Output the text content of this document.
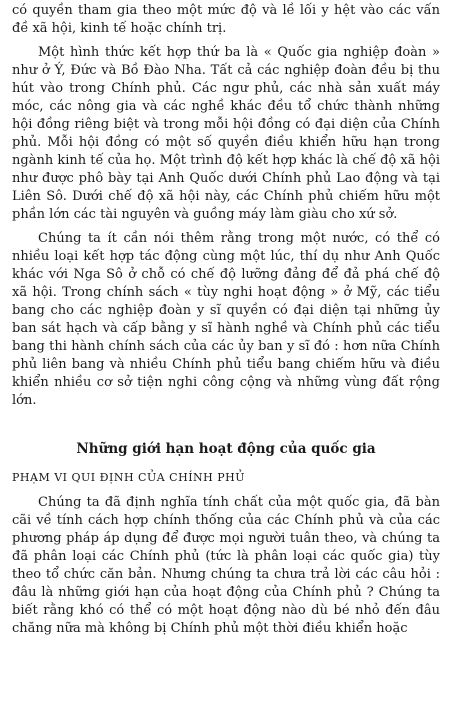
có quyền tham gia theo một mức độ và lề lối y hệt vào các vấn đề xã hội, kinh tế hoặc chính trị.

Một hình thức kết hợp thứ ba là « Quốc gia nghiệp đoàn » như ở Ý, Đức và Bồ Đào Nha. Tất cả các nghiệp đoàn đều bị thu hút vào trong Chính phủ. Các ngư phủ, các nhà sản xuất máy móc, các nông gia và các nghề khác đều tổ chức thành những hội đồng riêng biệt và trong mỗi hội đồng có đại diện của Chính phủ. Mỗi hội đồng có một số quyền điều khiển hữu hạn trong ngành kinh tế của họ. Một trình độ kết hợp khác là chế độ xã hội như được phô bày tại Anh Quốc dưới Chính phủ Lao động và tại Liên Sô. Dưới chế độ xã hội này, các Chính phủ chiếm hữu một phần lớn các tài nguyên và guồng máy làm giàu cho xứ sở.

Chúng ta ít cần nói thêm rằng trong một nước, có thể có nhiều loại kết hợp tác động cùng một lúc, thí dụ như Anh Quốc khác với Nga Sô ở chỗ có chế độ lưỡng đảng để đả phá chế độ xã hội. Trong chính sách « tùy nghi hoạt động » ở Mỹ, các tiểu bang cho các nghiệp đoàn y sĩ quyền có đại diện tại những ủy ban sát hạch và cấp bằng y sĩ hành nghề và Chính phủ các tiểu bang thi hành chính sách của các ủy ban y sĩ đó : hơn nữa Chính phủ liên bang và nhiều Chính phủ tiểu bang chiếm hữu và điều khiển nhiều cơ sở tiện nghi công cộng và những vùng đất rộng lớn.

Những giới hạn hoạt động của quốc gia
PHẠM VI QUI ĐỊNH CỦA CHÍNH PHỦ

Chúng ta đã định nghĩa tính chất của một quốc gia, đã bàn cãi về tính cách hợp chính thống của các Chính phủ và của các phương pháp áp dụng để được mọi người tuân theo, và chúng ta đã phân loại các Chính phủ (tức là phân loại các quốc gia) tùy theo tổ chức căn bản. Nhưng chúng ta chưa trả lời các câu hỏi : đâu là những giới hạn của hoạt động của Chính phủ ? Chúng ta biết rằng khó có thể có một hoạt động nào dù bé nhỏ đến đâu chăng nữa mà không bị Chính phủ một thời điều khiển hoặc
